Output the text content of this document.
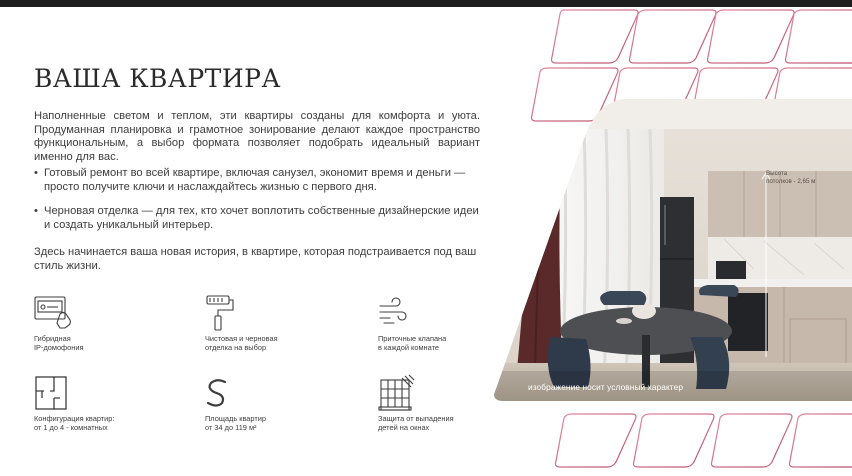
ВАША КВАРТИРА

Наполненные светом и теплом, эти квартиры созданы для комфорта и уюта. Продуманная планировка и грамотное зонирование делают каждое пространство функциональным, а выбор формата позволяет подобрать идеальный вариант именно для вас.

• Готовый ремонт во всей квартире, включая санузел, экономит время и деньги — просто получите ключи и наслаждайтесь жизнью с первого дня.

• Черновая отделка — для тех, кто хочет воплотить собственные дизайнерские идеи и создать уникальный интерьер.

Здесь начинается ваша новая история, в квартире, которая подстраивается под ваш стиль жизни.

Гибридная
IP-домофония
Чистовая и черновая
отделка на выбор
Приточные клапана
в каждой комнате
Конфигурация квартир:
от 1 до 4 - комнатных
Площадь квартир
от 34 до 119 м²
Защита от выпадения
детей на окнах
Высота
потолков - 2,65 м
изображение носит условный характер
